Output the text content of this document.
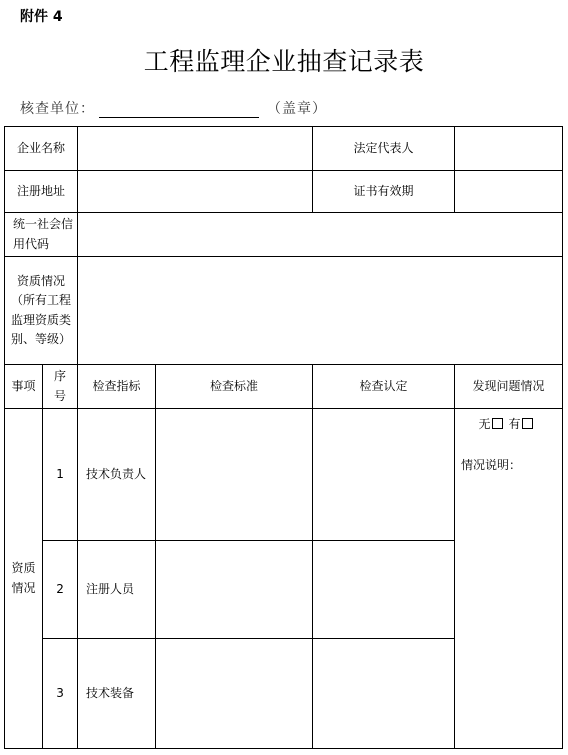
附件 4
工程监理企业抽查记录表
核查单位：	（盖章）
企业名称				法定代表人	
注册地址				证书有效期	
统一社会信用代码					
资质情况（所有工程监理资质类别、等级）					
事项	序号	检查指标	检查标准	检查认定	发现问题情况
资质情况	1	技术负责人			无 有
情况说明：

	2	注册人员			
	3	技术装备			
